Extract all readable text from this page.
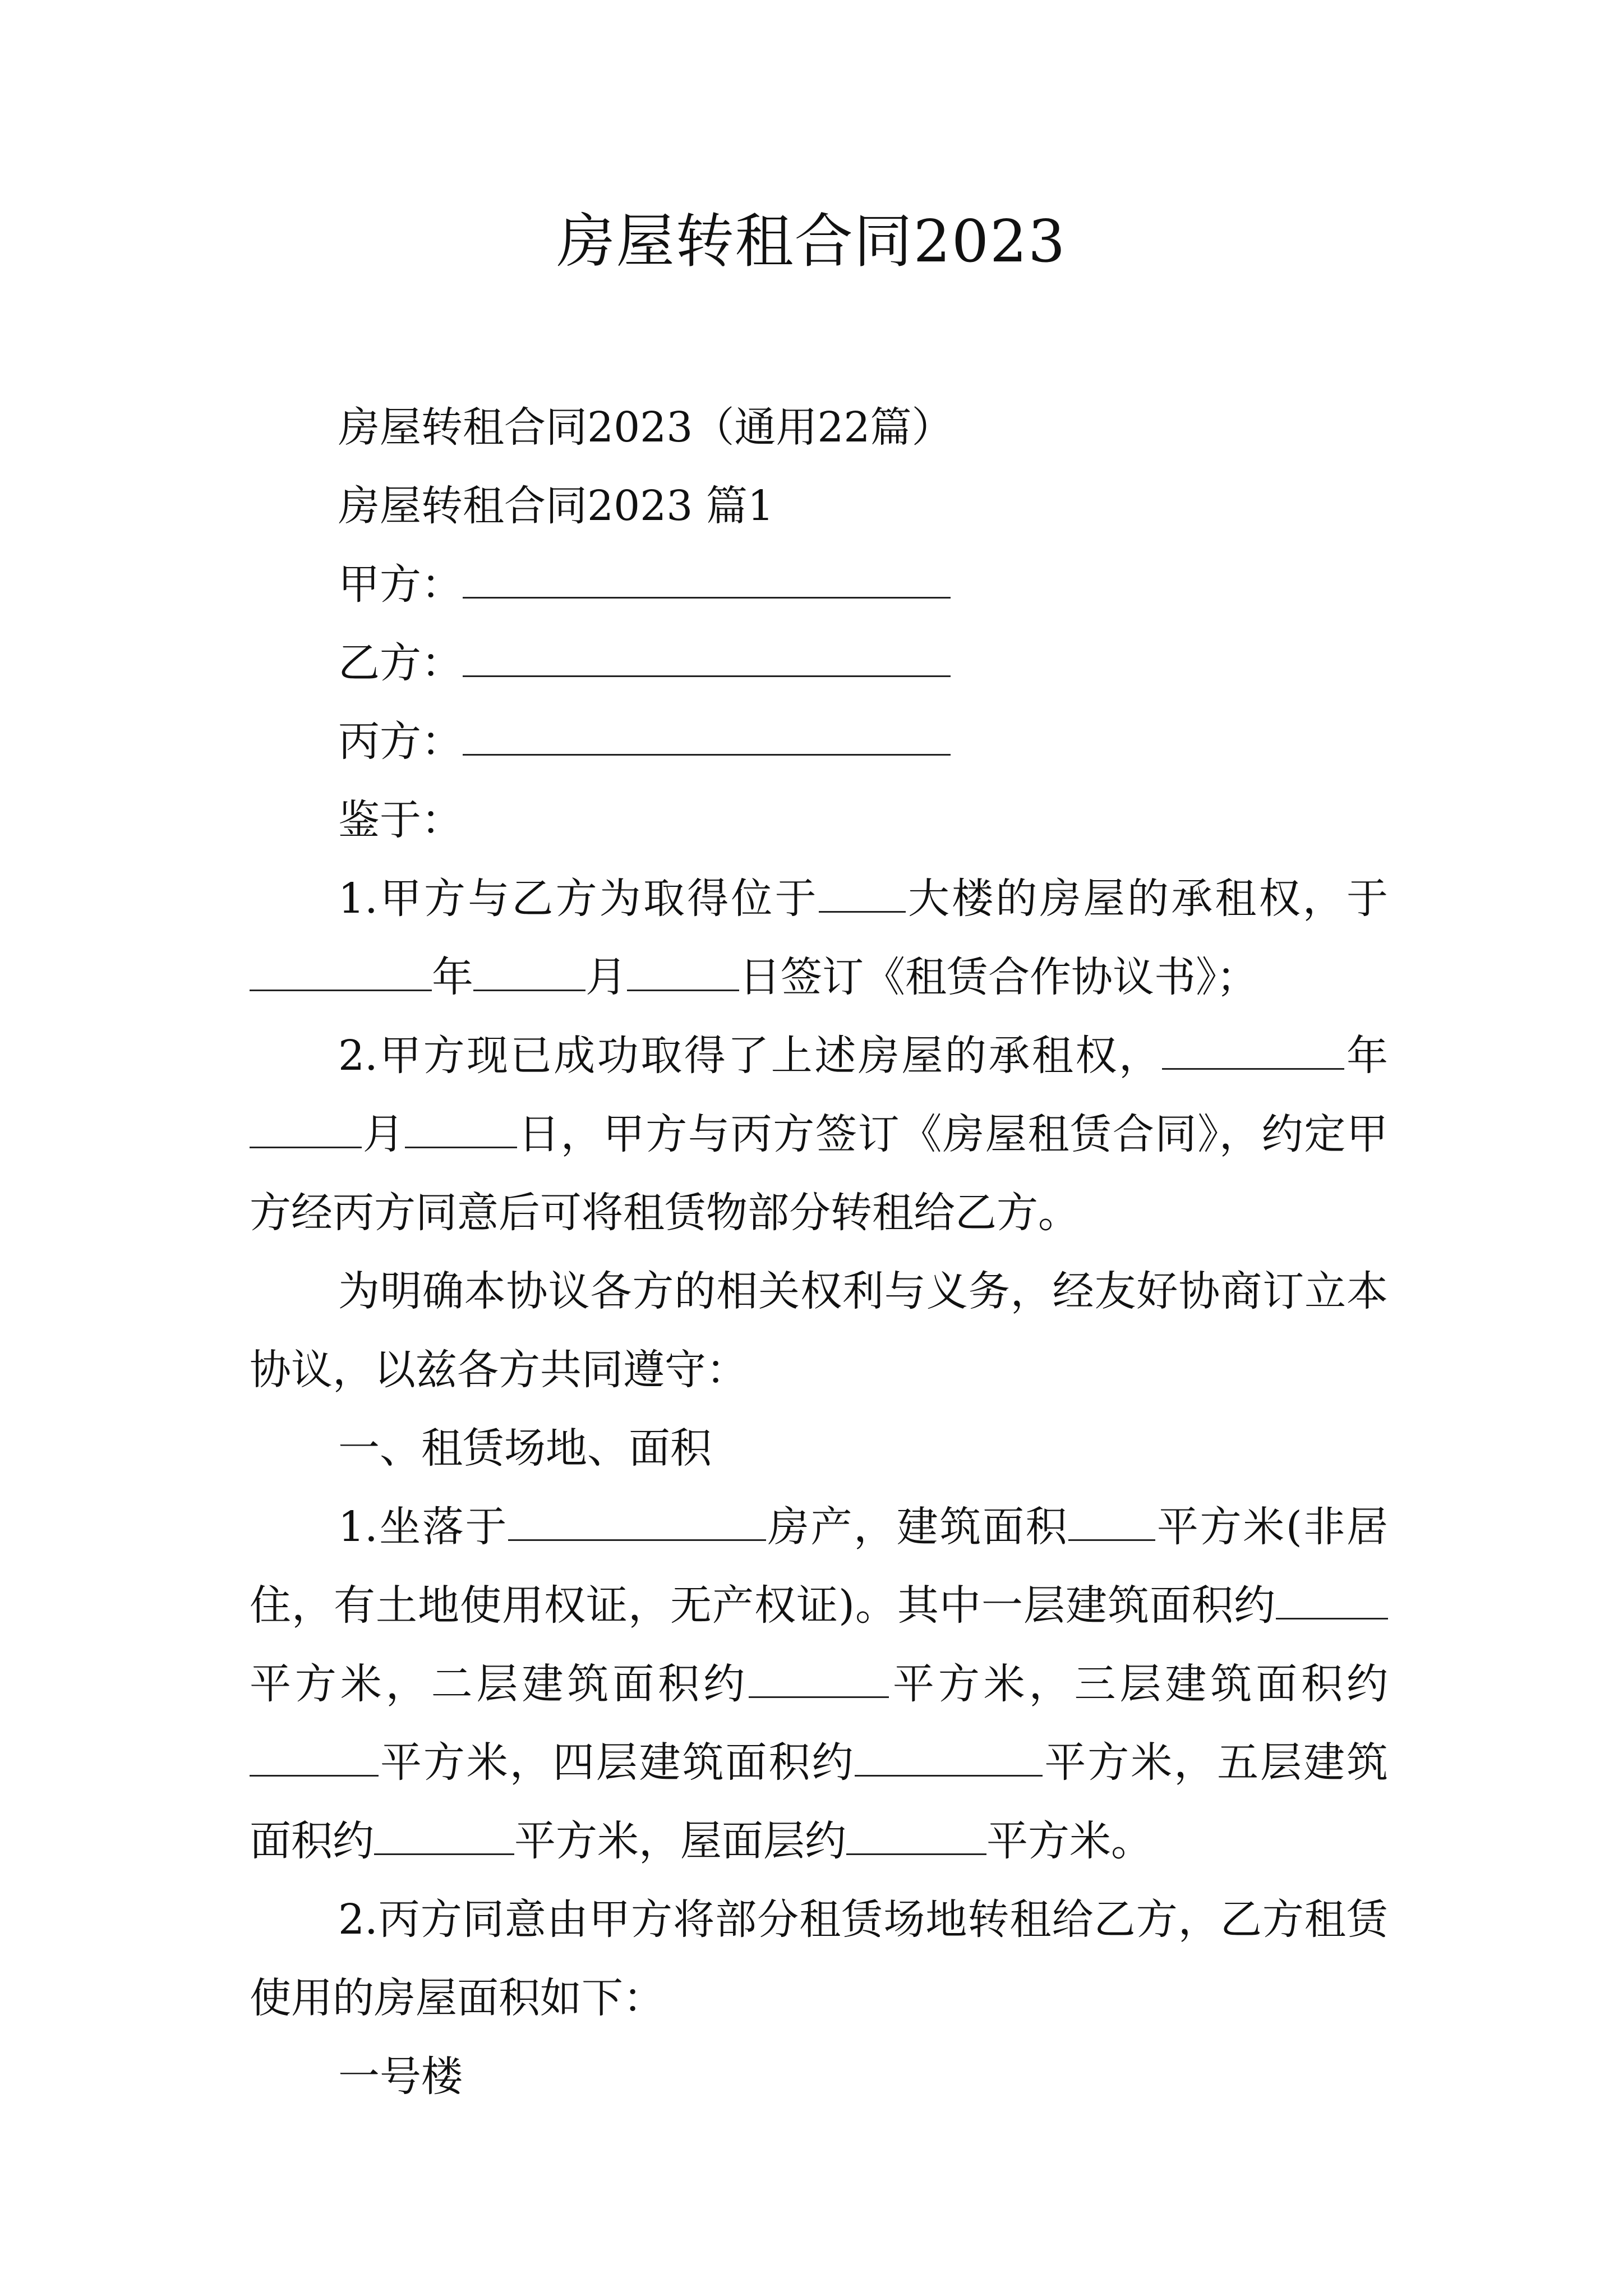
房屋转租合同2023

房屋转租合同2023（通用22篇）

房屋转租合同2023 篇1

甲方：

乙方：

丙方：

鉴于：

1.甲方与乙方为取得位于 大楼的房屋的承租权，于年	月	日签订《租赁合作协议书》；

2.甲方现已成功取得了上述房屋的承租权，	年月	日，甲方与丙方签订《房屋租赁合同》，约定甲方经丙方同意后可将租赁物部分转租给乙方。

为明确本协议各方的相关权利与义务，经友好协商订立本协议，以兹各方共同遵守：

一、租赁场地、面积

1.坐落于	房产，建筑面积 平方米(非居住，有土地使用权证，无产权证)。其中一层建筑面积约平方米，二层建筑面积约	平方米，三层建筑面积约平方米，四层建筑面积约	平方米，五层建筑面积约	平方米，屋面层约	平方米。

2.丙方同意由甲方将部分租赁场地转租给乙方，乙方租赁使用的房屋面积如下：

一号楼
